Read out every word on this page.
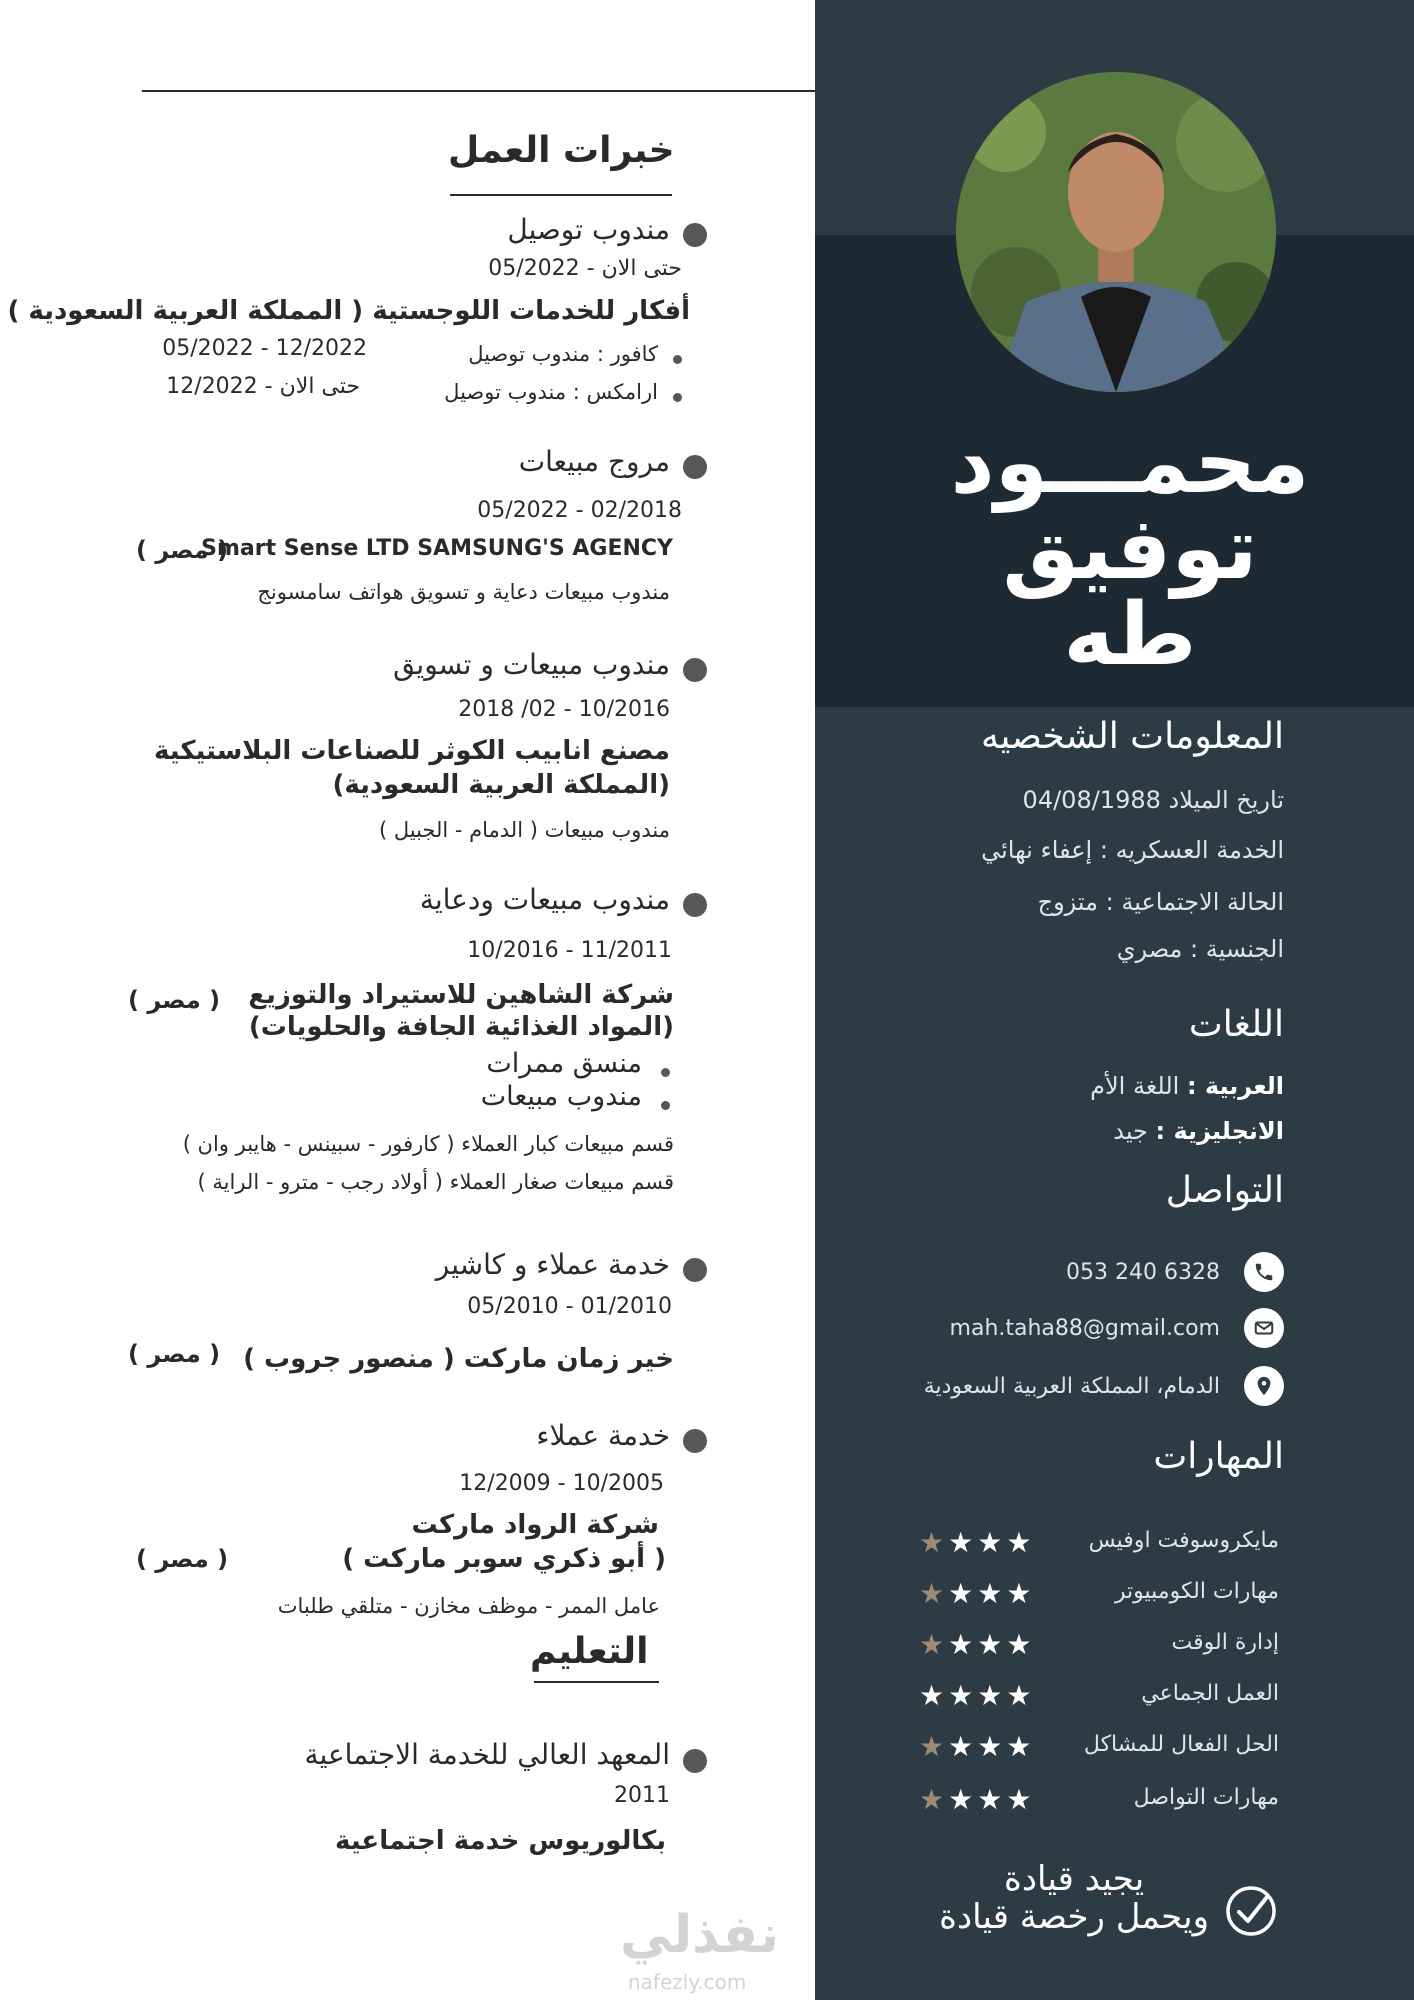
محمـــود
توفيق
طه
المعلومات الشخصيه
تاريخ الميلاد 04/08/1988
الخدمة العسكريه : إعفاء نهائي
الحالة الاجتماعية : متزوج
الجنسية : مصري
اللغات
العربية : اللغة الأم
الانجليزية : جيد
التواصل
053 240 6328
mah.taha88@gmail.com
الدمام، المملكة العربية السعودية
المهارات
مايكروسوفت اوفيس
★★★★
مهارات الكومبيوتر
★★★★
إدارة الوقت
★★★★
العمل الجماعي
★★★★
الحل الفعال للمشاكل
★★★★
مهارات التواصل
★★★★
يجيد قيادة
ويحمل رخصة قيادة
خبرات العمل
مندوب توصيل
حتى الان - 05/2022
أفكار للخدمات اللوجستية ( المملكة العربية السعودية )
كافور : مندوب توصيل
12/2022 - 05/2022
ارامكس : مندوب توصيل
حتى الان - 12/2022
مروج مبيعات
05/2022 - 02/2018
Smart Sense LTD SAMSUNG'S AGENCY
( مصر )
مندوب مبيعات دعاية و تسويق هواتف سامسونج
مندوب مبيعات و تسويق
2018 /02 - 10/2016
مصنع انابيب الكوثر للصناعات البلاستيكية
(المملكة العربية السعودية)
مندوب مبيعات ( الدمام - الجبيل )
مندوب مبيعات ودعاية
10/2016 - 11/2011
شركة الشاهين للاستيراد والتوزيع
(المواد الغذائية الجافة والحلويات)
( مصر )
منسق ممرات
مندوب مبيعات
قسم مبيعات كبار العملاء ( كارفور - سبينس - هايبر وان )
قسم مبيعات صغار العملاء ( أولاد رجب - مترو - الراية )
خدمة عملاء و كاشير
05/2010 - 01/2010
خير زمان ماركت ( منصور جروب )
( مصر )
خدمة عملاء
12/2009 - 10/2005
شركة الرواد ماركت
( أبو ذكري سوبر ماركت )
( مصر )
عامل الممر - موظف مخازن - متلقي طلبات
التعليم
المعهد العالي للخدمة الاجتماعية
2011
بكالوريوس خدمة اجتماعية
نفذلي
nafezly.com
